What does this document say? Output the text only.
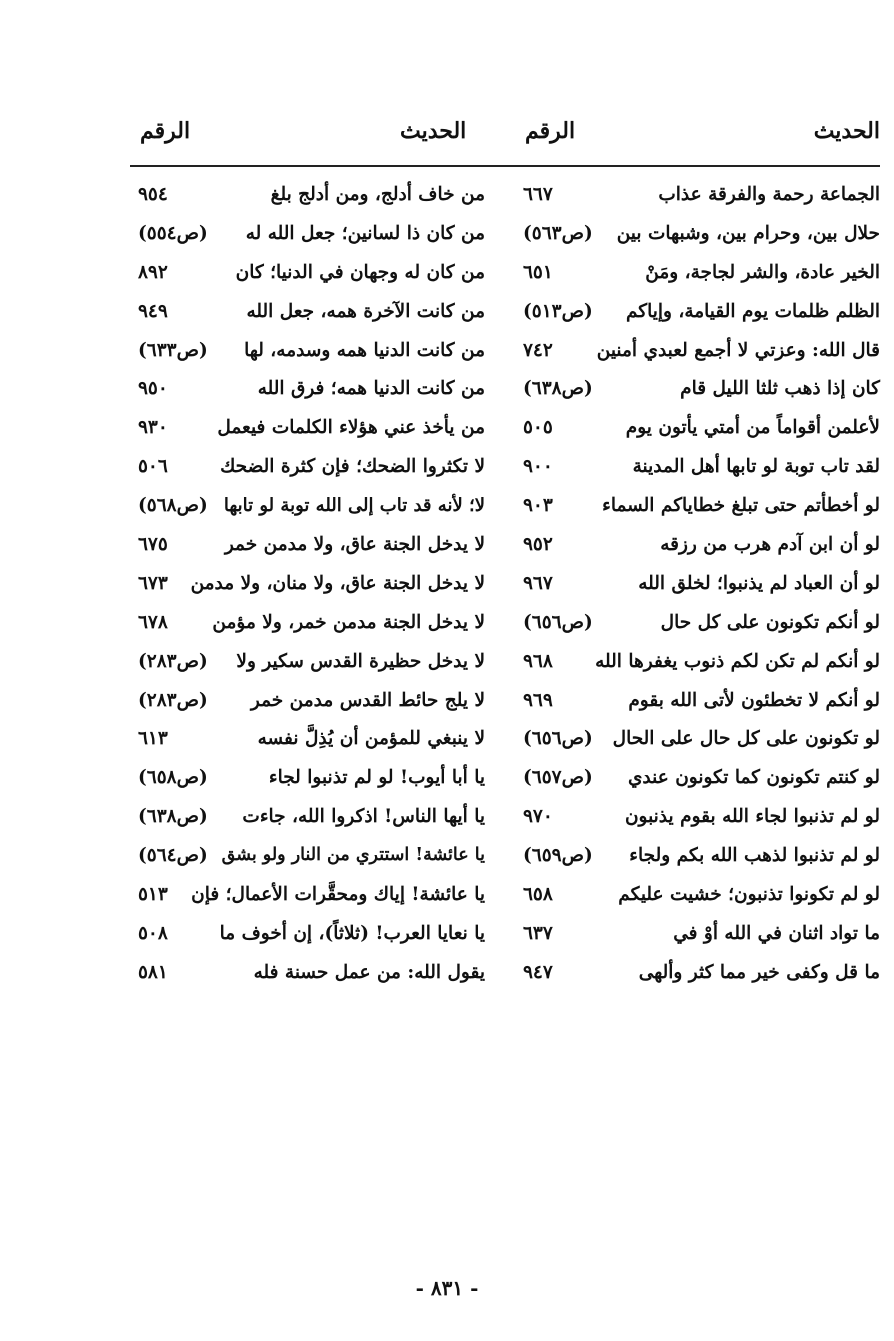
الحديث
الرقم
الحديث
الرقم
الجماعة رحمة والفرقة عذاب
٦٦٧
حلال بين، وحرام بين، وشبهات بين
(ص٥٦٣)
الخير عادة، والشر لجاجة، ومَنْ
٦٥١
الظلم ظلمات يوم القيامة، وإياكم
(ص٥١٣)
قال الله: وعزتي لا أجمع لعبدي أمنين
٧٤٢
كان إذا ذهب ثلثا الليل قام
(ص٦٣٨)
لأعلمن أقواماً من أمتي يأتون يوم
٥٠٥
لقد تاب توبة لو تابها أهل المدينة
٩٠٠
لو أخطأتم حتى تبلغ خطاياكم السماء
٩٠٣
لو أن ابن آدم هرب من رزقه
٩٥٢
لو أن العباد لم يذنبوا؛ لخلق الله
٩٦٧
لو أنكم تكونون على كل حال
(ص٦٥٦)
لو أنكم لم تكن لكم ذنوب يغفرها الله
٩٦٨
لو أنكم لا تخطئون لأتى الله بقوم
٩٦٩
لو تكونون على كل حال على الحال
(ص٦٥٦)
لو كنتم تكونون كما تكونون عندي
(ص٦٥٧)
لو لم تذنبوا لجاء الله بقوم يذنبون
٩٧٠
لو لم تذنبوا لذهب الله بكم ولجاء
(ص٦٥٩)
لو لم تكونوا تذنبون؛ خشيت عليكم
٦٥٨
ما تواد اثنان في الله أوْ في
٦٣٧
ما قل وكفى خير مما كثر وألهى
٩٤٧
من خاف أدلج، ومن أدلج بلغ
٩٥٤
من كان ذا لسانين؛ جعل الله له
(ص٥٥٤)
من كان له وجهان في الدنيا؛ كان
٨٩٢
من كانت الآخرة همه، جعل الله
٩٤٩
من كانت الدنيا همه وسدمه، لها
(ص٦٣٣)
من كانت الدنيا همه؛ فرق الله
٩٥٠
من يأخذ عني هؤلاء الكلمات فيعمل
٩٣٠
لا تكثروا الضحك؛ فإن كثرة الضحك
٥٠٦
لا؛ لأنه قد تاب إلى الله توبة لو تابها
(ص٥٦٨)
لا يدخل الجنة عاق، ولا مدمن خمر
٦٧٥
لا يدخل الجنة عاق، ولا منان، ولا مدمن
٦٧٣
لا يدخل الجنة مدمن خمر، ولا مؤمن
٦٧٨
لا يدخل حظيرة القدس سكير ولا
(ص٢٨٣)
لا يلج حائط القدس مدمن خمر
(ص٢٨٣)
لا ينبغي للمؤمن أن يُذِلَّ نفسه
٦١٣
يا أبا أيوب! لو لم تذنبوا لجاء
(ص٦٥٨)
يا أيها الناس! اذكروا الله، جاءت
(ص٦٣٨)
يا عائشة! استتري من النار ولو بشق
(ص٥٦٤)
يا عائشة! إياك ومحقَّرات الأعمال؛ فإن
٥١٣
يا نعايا العرب! (ثلاثاً)، إن أخوف ما
٥٠٨
يقول الله: من عمل حسنة فله
٥٨١
- ٨٣١ -
